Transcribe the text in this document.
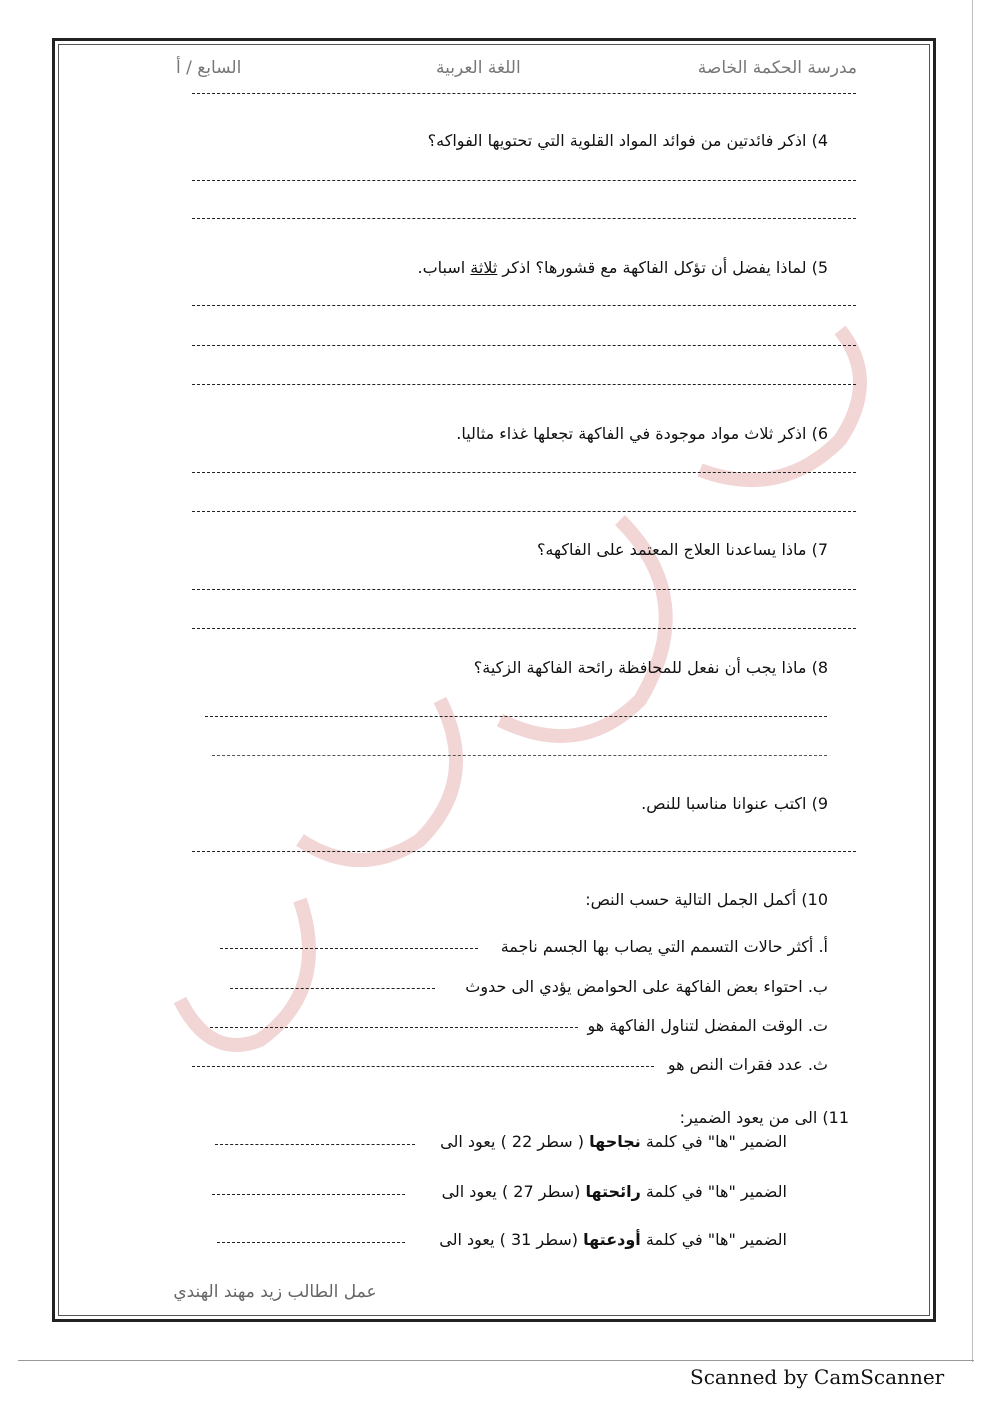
مدرسة الحكمة الخاصة
اللغة العربية
السابع / أ
4) اذكر فائدتين من فوائد المواد القلوية التي تحتويها الفواكه؟
5) لماذا يفضل أن تؤكل الفاكهة مع قشورها؟ اذكر ثلاثة اسباب.
6) اذكر ثلاث مواد موجودة في الفاكهة تجعلها غذاء مثاليا.
7) ماذا يساعدنا العلاج المعتمد على الفاكهه؟
8) ماذا يجب أن نفعل للمحافظة رائحة الفاكهة الزكية؟
9) اكتب عنوانا مناسبا للنص.
10) أكمل الجمل التالية حسب النص:
أ. أكثر حالات التسمم التي يصاب بها الجسم ناجمة
ب. احتواء بعض الفاكهة على الحوامض يؤدي الى حدوث
ت. الوقت المفضل لتناول الفاكهة هو
ث. عدد فقرات النص هو
11) الى من يعود الضمير:
الضمير "ها" في كلمة نجاحها ( سطر 22 ) يعود الى
الضمير "ها" في كلمة رائحتها (سطر 27 ) يعود الى
الضمير "ها" في كلمة أودعتها (سطر 31 ) يعود الى
عمل الطالب زيد مهند الهندي
Scanned by CamScanner
